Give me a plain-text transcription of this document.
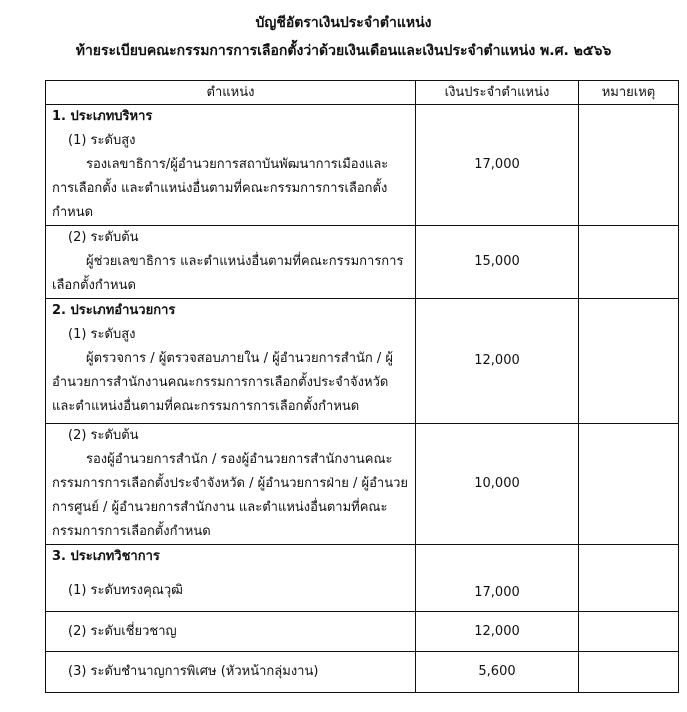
บัญชีอัตราเงินประจำตำแหน่ง
ท้ายระเบียบคณะกรรมการการเลือกตั้งว่าด้วยเงินเดือนและเงินประจำตำแหน่ง พ.ศ. ๒๕๖๖
ตำแหน่ง	เงินประจำตำแหน่ง	หมายเหตุ

1. ประเภทบริหาร
(1) ระดับสูง
รองเลขาธิการ/ผู้อำนวยการสถาบันพัฒนาการเมืองและการเลือกตั้ง และตำแหน่งอื่นตามที่คณะกรรมการการเลือกตั้งกำหนด	17,000	

(2) ระดับต้น
ผู้ช่วยเลขาธิการ และตำแหน่งอื่นตามที่คณะกรรมการการเลือกตั้งกำหนด	15,000	

2. ประเภทอำนวยการ
(1) ระดับสูง
ผู้ตรวจการ / ผู้ตรวจสอบภายใน / ผู้อำนวยการสำนัก / ผู้อำนวยการสำนักงานคณะกรรมการการเลือกตั้งประจำจังหวัด และตำแหน่งอื่นตามที่คณะกรรมการการเลือกตั้งกำหนด	12,000	

(2) ระดับต้น
รองผู้อำนวยการสำนัก / รองผู้อำนวยการสำนักงานคณะกรรมการการเลือกตั้งประจำจังหวัด / ผู้อำนวยการฝ่าย / ผู้อำนวยการศูนย์ / ผู้อำนวยการสำนักงาน และตำแหน่งอื่นตามที่คณะกรรมการการเลือกตั้งกำหนด	10,000	

3. ประเภทวิชาการ
(1) ระดับทรงคุณวุฒิ	17,000	

(2) ระดับเชี่ยวชาญ	12,000	

(3) ระดับชำนาญการพิเศษ (หัวหน้ากลุ่มงาน)	5,600	
